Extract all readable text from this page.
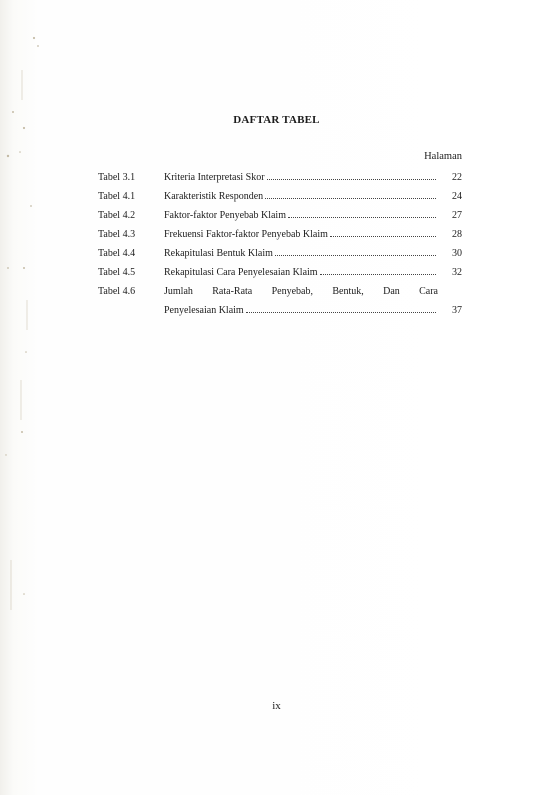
DAFTAR TABEL
Halaman
Tabel 3.1	Kriteria Interpretasi Skor	22
Tabel 4.1	Karakteristik Responden	24
Tabel 4.2	Faktor-faktor Penyebab Klaim	27
Tabel 4.3	Frekuensi Faktor-faktor Penyebab Klaim	28
Tabel 4.4	Rekapitulasi Bentuk Klaim	30
Tabel 4.5	Rekapitulasi Cara Penyelesaian Klaim	32
Tabel 4.6	Jumlah Rata-Rata Penyebab, Bentuk, Dan Cara
Penyelesaian Klaim	37
ix
